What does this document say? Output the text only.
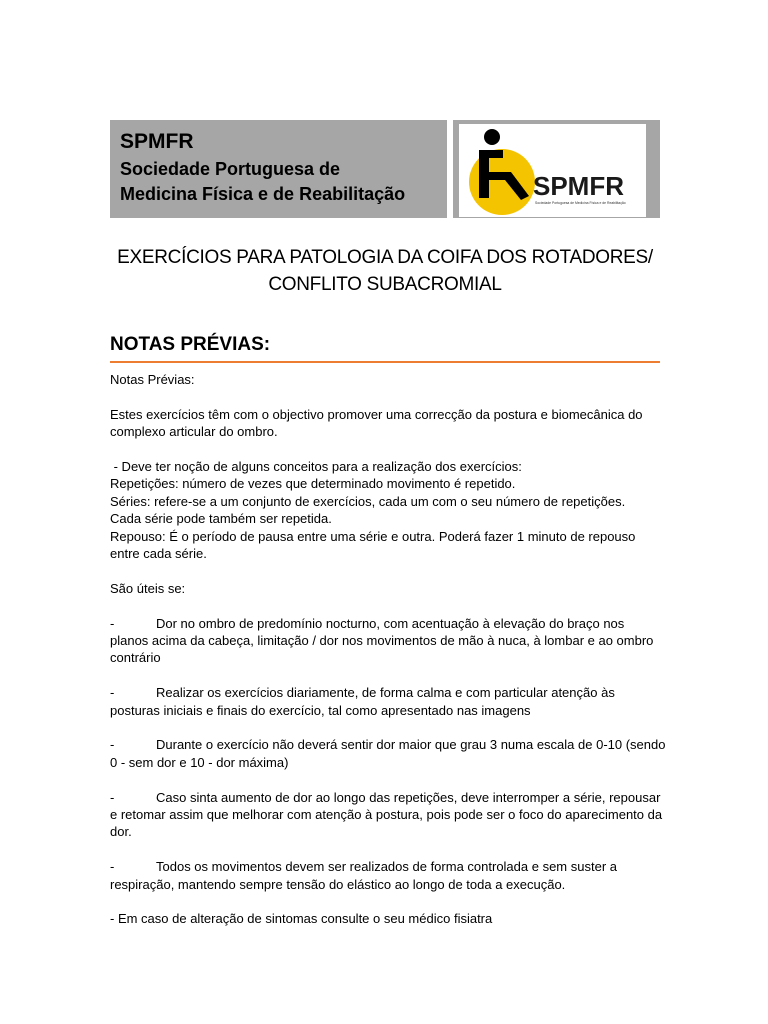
SPMFR
Sociedade Portuguesa de
Medicina Física e de Reabilitação	SPMFR
Sociedade Portuguesa de Medicina Física e de Reabilitação
EXERCÍCIOS PARA PATOLOGIA DA COIFA DOS ROTADORES/
CONFLITO SUBACROMIAL
NOTAS PRÉVIAS:

Notas Prévias:

Estes exercícios têm com o objectivo promover uma correcção da postura e biomecânica do complexo articular do ombro.

- Deve ter noção de alguns conceitos para a realização dos exercícios:
Repetições: número de vezes que determinado movimento é repetido.
Séries: refere-se a um conjunto de exercícios, cada um com o seu número de repetições.
Cada série pode também ser repetida.
Repouso: É o período de pausa entre uma série e outra. Poderá fazer 1 minuto de repouso entre cada série.

São úteis se:

-	Dor no ombro de predomínio nocturno, com acentuação à elevação do braço nos planos acima da cabeça, limitação / dor nos movimentos de mão à nuca, à lombar e ao ombro contrário

-	Realizar os exercícios diariamente, de forma calma e com particular atenção às posturas iniciais e finais do exercício, tal como apresentado nas imagens

-	Durante o exercício não deverá sentir dor maior que grau 3 numa escala de 0-10 (sendo 0 - sem dor e 10 - dor máxima)

-	Caso sinta aumento de dor ao longo das repetições, deve interromper a série, repousar e retomar assim que melhorar com atenção à postura, pois pode ser o foco do aparecimento da dor.

-	Todos os movimentos devem ser realizados de forma controlada e sem suster a respiração, mantendo sempre tensão do elástico ao longo de toda a execução.

- Em caso de alteração de sintomas consulte o seu médico fisiatra
